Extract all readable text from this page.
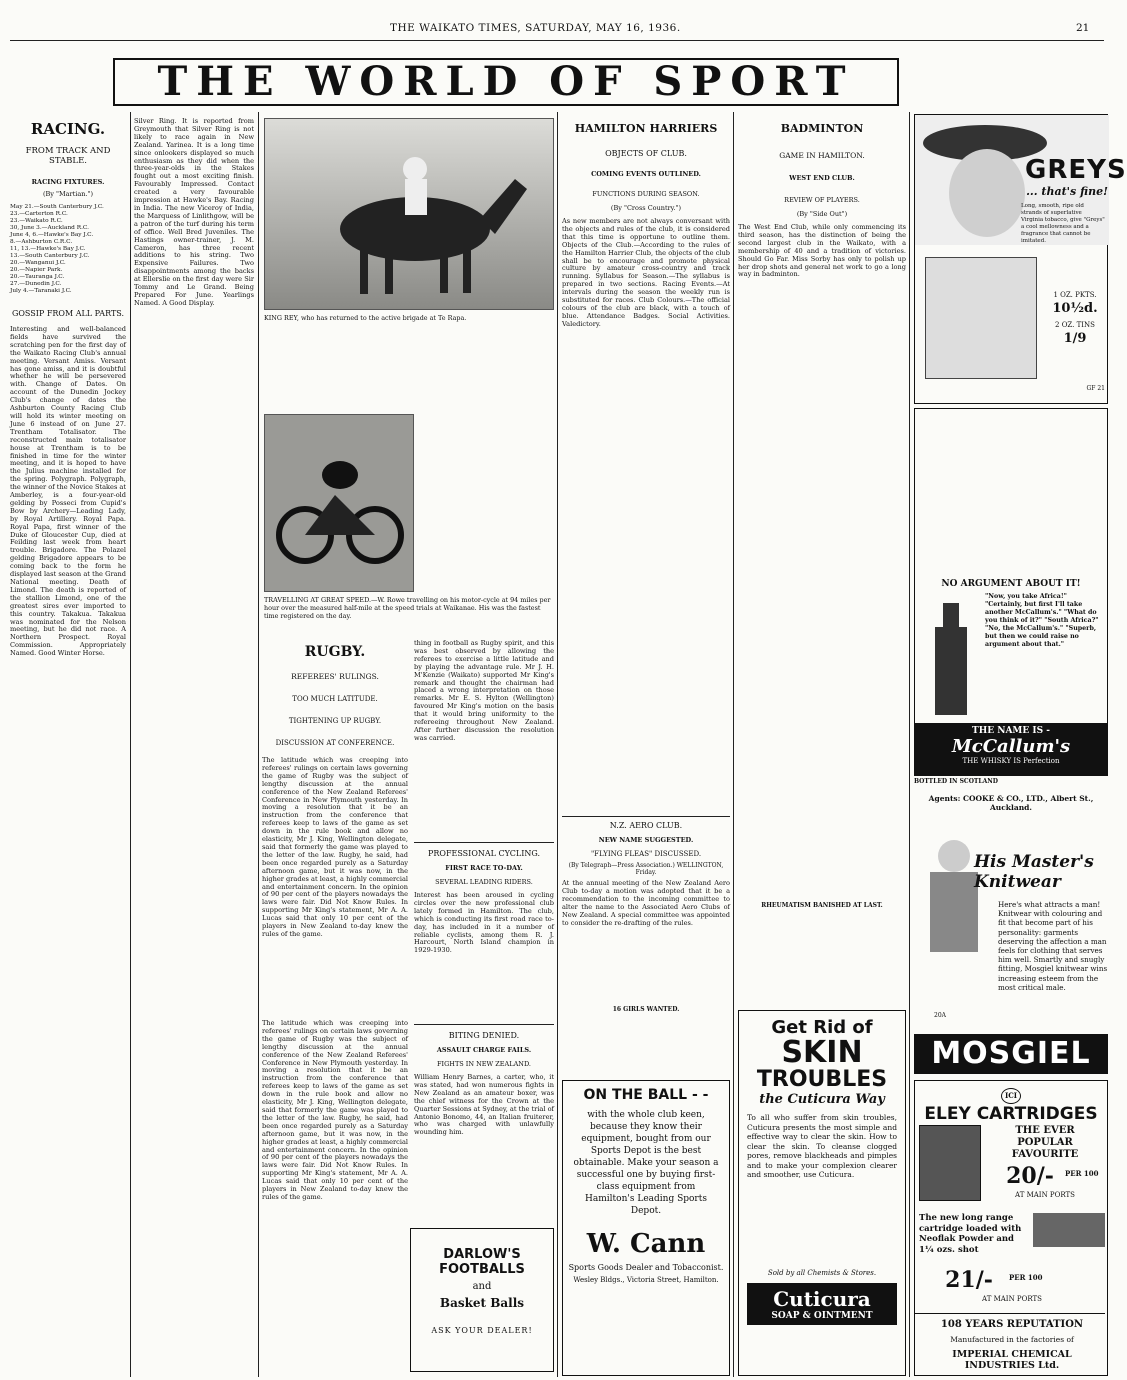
THE WAIKATO TIMES, SATURDAY, MAY 16, 1936.	21
THE WORLD OF SPORT
RACING.
FROM TRACK AND STABLE.
RACING FIXTURES.
(By "Martian.")
May 21.—South Canterbury J.C.
23.—Carterton R.C.
23.—Waikato R.C.
30, June 3.—Auckland R.C.
June 4, 6.—Hawke's Bay J.C.
8.—Ashburton C.R.C.
11, 13.—Hawke's Bay J.C.
13.—South Canterbury J.C.
20.—Wanganui J.C.
20.—Napier Park.
20.—Tauranga J.C.
27.—Dunedin J.C.
July 4.—Taranaki J.C.
GOSSIP FROM ALL PARTS.
Interesting and well-balanced fields have survived the scratching pen for the first day of the Waikato Racing Club's annual meeting. Versant Amiss. Versant has gone amiss, and it is doubtful whether he will be persevered with. Change of Dates. On account of the Dunedin Jockey Club's change of dates the Ashburton County Racing Club will hold its winter meeting on June 6 instead of on June 27. Trentham Totalisator. The reconstructed main totalisator house at Trentham is to be finished in time for the winter meeting, and it is hoped to have the Julius machine installed for the spring. Polygraph. Polygraph, the winner of the Novice Stakes at Amberley, is a four-year-old gelding by Posseci from Cupid's Bow by Archery—Leading Lady, by Royal Artillery. Royal Papa. Royal Papa, first winner of the Duke of Gloucester Cup, died at Feilding last week from heart trouble. Brigadore. The Polazel gelding Brigadore appears to be coming back to the form he displayed last season at the Grand National meeting. Death of Limond. The death is reported of the stallion Limond, one of the greatest sires ever imported to this country. Takakua. Takakua was nominated for the Nelson meeting, but he did not race. A Northern Prospect. Royal Commission. Appropriately Named. Good Winter Horse.
Silver Ring. It is reported from Greymouth that Silver Ring is not likely to race again in New Zealand. Yarinea. It is a long time since onlookers displayed so much enthusiasm as they did when the three-year-olds in the Stakes fought out a most exciting finish. Favourably Impressed. Contact created a very favourable impression at Hawke's Bay. Racing in India. The new Viceroy of India, the Marquess of Linlithgow, will be a patron of the turf during his term of office. Well Bred Juveniles. The Hastings owner-trainer, J. M. Cameron, has three recent additions to his string. Two Expensive Failures. Two disappointments among the backs at Ellerslie on the first day were Sir Tommy and Le Grand. Being Prepared For June. Yearlings Named. A Good Display.
KING REY, who has returned to the active brigade at Te Rapa.
TRAVELLING AT GREAT SPEED.—W. Rowe travelling on his motor-cycle at 94 miles per hour over the measured half-mile at the speed trials at Waikanae. His was the fastest time registered on the day.
RUGBY.
REFEREES' RULINGS.
TOO MUCH LATITUDE.
TIGHTENING UP RUGBY.
DISCUSSION AT CONFERENCE.
The latitude which was creeping into referees' rulings on certain laws governing the game of Rugby was the subject of lengthy discussion at the annual conference of the New Zealand Referees' Conference in New Plymouth yesterday. In moving a resolution that it be an instruction from the conference that referees keep to laws of the game as set down in the rule book and allow no elasticity, Mr J. King, Wellington delegate, said that formerly the game was played to the letter of the law. Rugby, he said, had been once regarded purely as a Saturday afternoon game, but it was now, in the higher grades at least, a highly commercial and entertainment concern. In the opinion of 90 per cent of the players nowadays the laws were fair. Did Not Know Rules. In supporting Mr King's statement, Mr A. A. Lucas said that only 10 per cent of the players in New Zealand to-day knew the rules of the game.
The latitude which was creeping into referees' rulings on certain laws governing the game of Rugby was the subject of lengthy discussion at the annual conference of the New Zealand Referees' Conference in New Plymouth yesterday. In moving a resolution that it be an instruction from the conference that referees keep to laws of the game as set down in the rule book and allow no elasticity, Mr J. King, Wellington delegate, said that formerly the game was played to the letter of the law. Rugby, he said, had been once regarded purely as a Saturday afternoon game, but it was now, in the higher grades at least, a highly commercial and entertainment concern. In the opinion of 90 per cent of the players nowadays the laws were fair. Did Not Know Rules. In supporting Mr King's statement, Mr A. A. Lucas said that only 10 per cent of the players in New Zealand to-day knew the rules of the game.
thing in football as Rugby spirit, and this was best observed by allowing the referees to exercise a little latitude and by playing the advantage rule. Mr J. H. M'Kenzie (Waikato) supported Mr King's remark and thought the chairman had placed a wrong interpretation on those remarks. Mr E. S. Hylton (Wellington) favoured Mr King's motion on the basis that it would bring uniformity to the refereeing throughout New Zealand. After further discussion the resolution was carried.
PROFESSIONAL CYCLING.
FIRST RACE TO-DAY.
SEVERAL LEADING RIDERS.
Interest has been aroused in cycling circles over the new professional club lately formed in Hamilton. The club, which is conducting its first road race to-day, has included in it a number of reliable cyclists, among them R. J. Harcourt, North Island champion in 1929-1930.
BITING DENIED.
ASSAULT CHARGE FAILS.
FIGHTS IN NEW ZEALAND.
William Henry Barnes, a carter, who, it was stated, had won numerous fights in New Zealand as an amateur boxer, was the chief witness for the Crown at the Quarter Sessions at Sydney, at the trial of Antonio Bonomo, 44, an Italian fruiterer, who was charged with unlawfully wounding him.
DARLOW'S
FOOTBALLS
and
Basket Balls
ASK YOUR DEALER!
HAMILTON HARRIERS
OBJECTS OF CLUB.
COMING EVENTS OUTLINED.
FUNCTIONS DURING SEASON.
(By "Cross Country.")
As new members are not always conversant with the objects and rules of the club, it is considered that this time is opportune to outline them. Objects of the Club.—According to the rules of the Hamilton Harrier Club, the objects of the club shall be to encourage and promote physical culture by amateur cross-country and track running. Syllabus for Season.—The syllabus is prepared in two sections. Racing Events.—At intervals during the season the weekly run is substituted for races. Club Colours.—The official colours of the club are black, with a touch of blue. Attendance Badges. Social Activities. Valedictory.
N.Z. AERO CLUB.
NEW NAME SUGGESTED.
"FLYING FLEAS" DISCUSSED.
(By Telegraph—Press Association.) WELLINGTON, Friday.
At the annual meeting of the New Zealand Aero Club to-day a motion was adopted that it be a recommendation to the incoming committee to alter the name to the Associated Aero Clubs of New Zealand. A special committee was appointed to consider the re-drafting of the rules.
16 GIRLS WANTED.
ON THE BALL - -
with the whole club keen, because they know their equipment, bought from our Sports Depot is the best obtainable. Make your season a successful one by buying first-class equipment from Hamilton's Leading Sports Depot.
W. Cann
Sports Goods Dealer and Tobacconist.
Wesley Bldgs., Victoria Street, Hamilton.
BADMINTON
GAME IN HAMILTON.
WEST END CLUB.
REVIEW OF PLAYERS.
(By "Side Out")
The West End Club, while only commencing its third season, has the distinction of being the second largest club in the Waikato, with a membership of 40 and a tradition of victories. Should Go Far. Miss Sorby has only to polish up her drop shots and general net work to go a long way in badminton.
RHEUMATISM BANISHED AT LAST.
Get Rid of
SKIN
TROUBLES
the Cuticura Way
To all who suffer from skin troubles, Cuticura presents the most simple and effective way to clear the skin. How to clear the skin. To cleanse clogged pores, remove blackheads and pimples and to make your complexion clearer and smoother, use Cuticura.
Sold by all Chemists & Stores.
Cuticura
SOAP & OINTMENT
GREYS
... that's fine!
Long, smooth, ripe old strands of superlative Virginia tobacco, give "Greys" a cool mellowness and a fragrance that cannot be imitated.
1 OZ. PKTS.
10½d.
2 OZ. TINS
1/9
GF 21
NO ARGUMENT ABOUT IT!
"Now, you take Africa!" "Certainly, but first I'll take another McCallum's." "What do you think of it?" "South Africa?" "No, the McCallum's." "Superb, but then we could raise no argument about that."
THE NAME IS -
McCallum's
THE WHISKY IS Perfection
BOTTLED IN SCOTLAND
Agents: COOKE & CO., LTD., Albert St., Auckland.
His Master's
Knitwear
Here's what attracts a man! Knitwear with colouring and fit that become part of his personality: garments deserving the affection a man feels for clothing that serves him well. Smartly and snugly fitting, Mosgiel knitwear wins increasing esteem from the most critical male.
20A
MOSGIEL
ICI
ELEY CARTRIDGES
THE EVER
POPULAR
FAVOURITE
20/-	PER 100
AT MAIN PORTS
The new long range cartridge loaded with Neoflak Powder and 1¼ ozs. shot
21/-	PER 100
AT MAIN PORTS
108 YEARS REPUTATION
Manufactured in the factories of
IMPERIAL CHEMICAL INDUSTRIES Ltd.
